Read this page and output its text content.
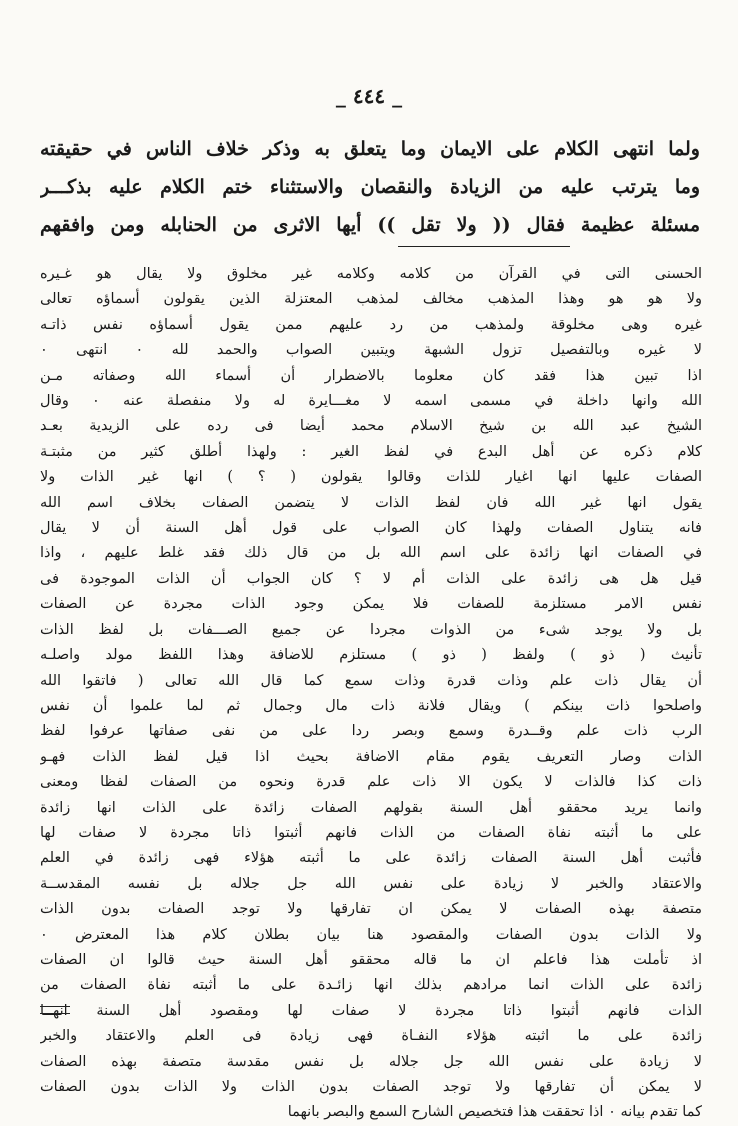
_ ٤٤٤ _
ولما انتهى الكلام على الايمان وما يتعلق به وذكر خلاف الناس في حقيقته
وما يترتب عليه من الزيادة والنقصان والاستثناء ختم الكلام عليه بذكـــر
مسئلة عظيمة فقال (( ولا تقل )) أيها الاثرى من الحنابله ومن وافقهم
الحسنى التى في القرآن من كلامه وكلامه غير مخلوق ولا يقال هو غـيره
ولا هو هو وهذا المذهب مخالف لمذهب المعتزلة الذين يقولون أسماؤه تعالى
غيره وهى مخلوقة ولمذهب من رد عليهم ممن يقول أسماؤه نفس ذاتـه
لا غيره وبالتفصيل تزول الشبهة ويتبين الصواب والحمد لله ٠ انتهى ٠
اذا تبين هذا فقد كان معلوما بالاضطرار أن أسماء الله وصفاته مـن
الله وانها داخلة في مسمى اسمه لا مغـــايرة له ولا منفصلة عنه ٠ وقال
الشيخ عبد الله بن شيخ الاسلام محمد أيضا فى رده على الزيدية بعـد
كلام ذكره عن أهل البدع في لفظ الغير : ولهذا أطلق كثير من مثبتـة
الصفات عليها انها اغيار للذات وقالوا يقولون ( ؟ ) انها غير الذات ولا
يقول انها غير الله فان لفظ الذات لا يتضمن الصفات بخلاف اسم الله
فانه يتناول الصفات ولهذا كان الصواب على قول أهل السنة أن لا يقال
في الصفات انها زائدة على اسم الله بل من قال ذلك فقد غلط عليهم ، واذا
قيل هل هى زائدة على الذات أم لا ؟ كان الجواب أن الذات الموجودة فى
نفس الامر مستلزمة للصفات فلا يمكن وجود الذات مجردة عن الصفات
بل ولا يوجد شىء من الذوات مجردا عن جميع الصـــفات بل لفظ الذات
تأنيث ( ذو ) ولفظ ( ذو ) مستلزم للاضافة وهذا اللفظ مولد واصلـه
أن يقال ذات علم وذات قدرة وذات سمع كما قال الله تعالى ( فاتقوا الله
واصلحوا ذات بينكم ) ويقال فلانة ذات مال وجمال ثم لما علموا أن نفس
الرب ذات علم وقــدرة وسمع وبصر ردا على من نفى صفاتها عرفوا لفظ
الذات وصار التعريف يقوم مقام الاضافة بحيث اذا قيل لفظ الذات فهـو
ذات كذا فالذات لا يكون الا ذات علم قدرة ونحوه من الصفات لفظا ومعنى
وانما يريد محققو أهل السنة بقولهم الصفات زائدة على الذات انها زائدة
على ما أثبته نفاة الصفات من الذات فانهم أثبتوا ذاتا مجردة لا صفات لها
فأثبت أهل السنة الصفات زائدة على ما أثبته هؤلاء فهى زائدة في العلم
والاعتقاد والخبر لا زيادة على نفس الله جل جلاله بل نفسه المقدســة
متصفة بهذه الصفات لا يمكن ان تفارقها ولا توجد الصفات بدون الذات
ولا الذات بدون الصفات والمقصود هنا بيان بطلان كلام هذا المعترض ٠
اذ تأملت هذا فاعلم ان ما قاله محققو أهل السنة حيث قالوا ان الصفات
زائدة على الذات انما مرادهم بذلك انها زائـدة على ما أثبته نفاة الصفات من
الذات فانهم أثبتوا ذاتا مجردة لا صفات لها ومقصود أهل السنة انهــا
زائدة على ما اثبته هؤلاء النفـاة فهى زيادة فى العلم والاعتقاد والخبر
لا زيادة على نفس الله جل جلاله بل نفس مقدسة متصفة بهذه الصفات
لا يمكن أن تفارقها ولا توجد الصفات بدون الذات ولا الذات بدون الصفات
كما تقدم بيانه ٠ اذا تحققت هذا فتخصيص الشارح السمع والبصر بانهما
